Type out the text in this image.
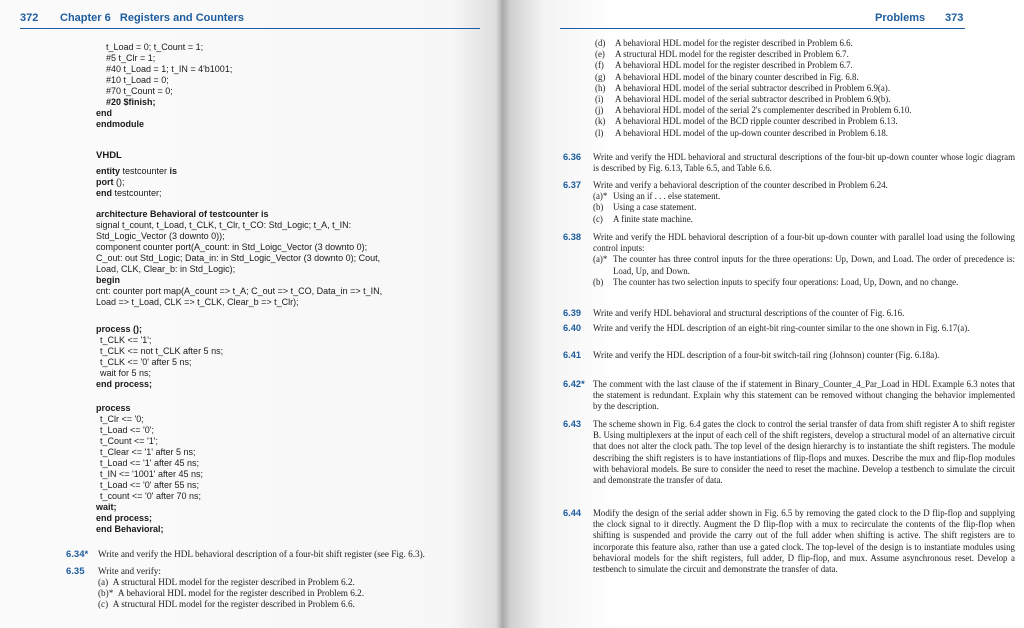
372 Chapter 6   Registers and Counters
t_Load = 0; t_Count = 1;
#5 t_Clr = 1;
#40 t_Load = 1; t_IN = 4'b1001;
#10 t_Load = 0;
#70 t_Count = 0;
#20 $finish;
end
endmodule
VHDL
entity testcounter is
port ();
end testcounter;
architecture Behavioral of testcounter is
signal t_count, t_Load, t_CLK, t_Clr, t_CO: Std_Logic; t_A, t_IN:
Std_Logic_Vector (3 downto 0));
component counter port(A_count: in Std_Loigc_Vector (3 downto 0);
C_out: out Std_Logic; Data_in: in Std_Logic_Vector (3 downto 0); Cout,
Load, CLK, Clear_b: in Std_Logic);
begin
cnt: counter port map(A_count => t_A; C_out => t_CO, Data_in => t_IN,
Load => t_Load, CLK => t_CLK, Clear_b => t_Clr);
process ();
t_CLK <= '1';
t_CLK <= not t_CLK after 5 ns;
t_CLK <= '0' after 5 ns;
wait for 5 ns;
end process;
process
t_Clr <= '0;
t_Load <= '0';
t_Count <= '1';
t_Clear <= '1' after 5 ns;
t_Load <= '1' after 45 ns;
t_IN <= '1001' after 45 ns;
t_Load <= '0' after 55 ns;
t_count <= '0' after 70 ns;
wait;
end process;
end Behavioral;
6.34* Write and verify the HDL behavioral description of a four-bit shift register (see Fig. 6.3).
6.35 Write and verify:
(a) A structural HDL model for the register described in Problem 6.2.
(b)* A behavioral HDL model for the register described in Problem 6.2.
(c) A structural HDL model for the register described in Problem 6.6.
Problems 373
(d)	A behavioral HDL model for the register described in Problem 6.6.
(e)	A structural HDL model for the register described in Problem 6.7.
(f)	A behavioral HDL model for the register described in Problem 6.7.
(g)	A behavioral HDL model of the binary counter described in Fig. 6.8.
(h)	A behavioral HDL model of the serial subtractor described in Problem 6.9(a).
(i)	A behavioral HDL model of the serial subtractor described in Problem 6.9(b).
(j)	A behavioral HDL model of the serial 2's complementer described in Problem 6.10.
(k)	A behavioral HDL model of the BCD ripple counter described in Problem 6.13.
(l)	A behavioral HDL model of the up-down counter described in Problem 6.18.
6.36	Write and verify the HDL behavioral and structural descriptions of the four-bit up-down counter whose logic diagram is described by Fig. 6.13, Table 6.5, and Table 6.6.
6.37	Write and verify a behavioral description of the counter described in Problem 6.24.
(a)* Using an if . . . else statement.
(b)	Using a case statement.
(c)	A finite state machine.
6.38	Write and verify the HDL behavioral description of a four-bit up-down counter with parallel load using the following control inputs:
(a)* The counter has three control inputs for the three operations: Up, Down, and Load. The order of precedence is: Load, Up, and Down.
(b)	The counter has two selection inputs to specify four operations: Load, Up, Down, and no change.
6.39	Write and verify HDL behavioral and structural descriptions of the counter of Fig. 6.16.
6.40	Write and verify the HDL description of an eight-bit ring-counter similar to the one shown in Fig. 6.17(a).
6.41	Write and verify the HDL description of a four-bit switch-tail ring (Johnson) counter (Fig. 6.18a).
6.42* The comment with the last clause of the if statement in Binary_Counter_4_Par_Load in HDL Example 6.3 notes that the statement is redundant. Explain why this statement can be removed without changing the behavior implemented by the description.
6.43	The scheme shown in Fig. 6.4 gates the clock to control the serial transfer of data from shift register A to shift register B. Using multiplexers at the input of each cell of the shift registers, develop a structural model of an alternative circuit that does not alter the clock path. The top level of the design hierarchy is to instantiate the shift registers. The module describing the shift registers is to have instantiations of flip-flops and muxes. Describe the mux and flip-flop modules with behavioral models. Be sure to consider the need to reset the machine. Develop a testbench to simulate the circuit and demonstrate the transfer of data.
6.44	Modify the design of the serial adder shown in Fig. 6.5 by removing the gated clock to the D flip-flop and supplying the clock signal to it directly. Augment the D flip-flop with a mux to recirculate the contents of the flip-flop when shifting is suspended and provide the carry out of the full adder when shifting is active. The shift registers are to incorporate this feature also, rather than use a gated clock. The top-level of the design is to instantiate modules using behavioral models for the shift registers, full adder, D flip-flop, and mux. Assume asynchronous reset. Develop a testbench to simulate the circuit and demonstrate the transfer of data.
